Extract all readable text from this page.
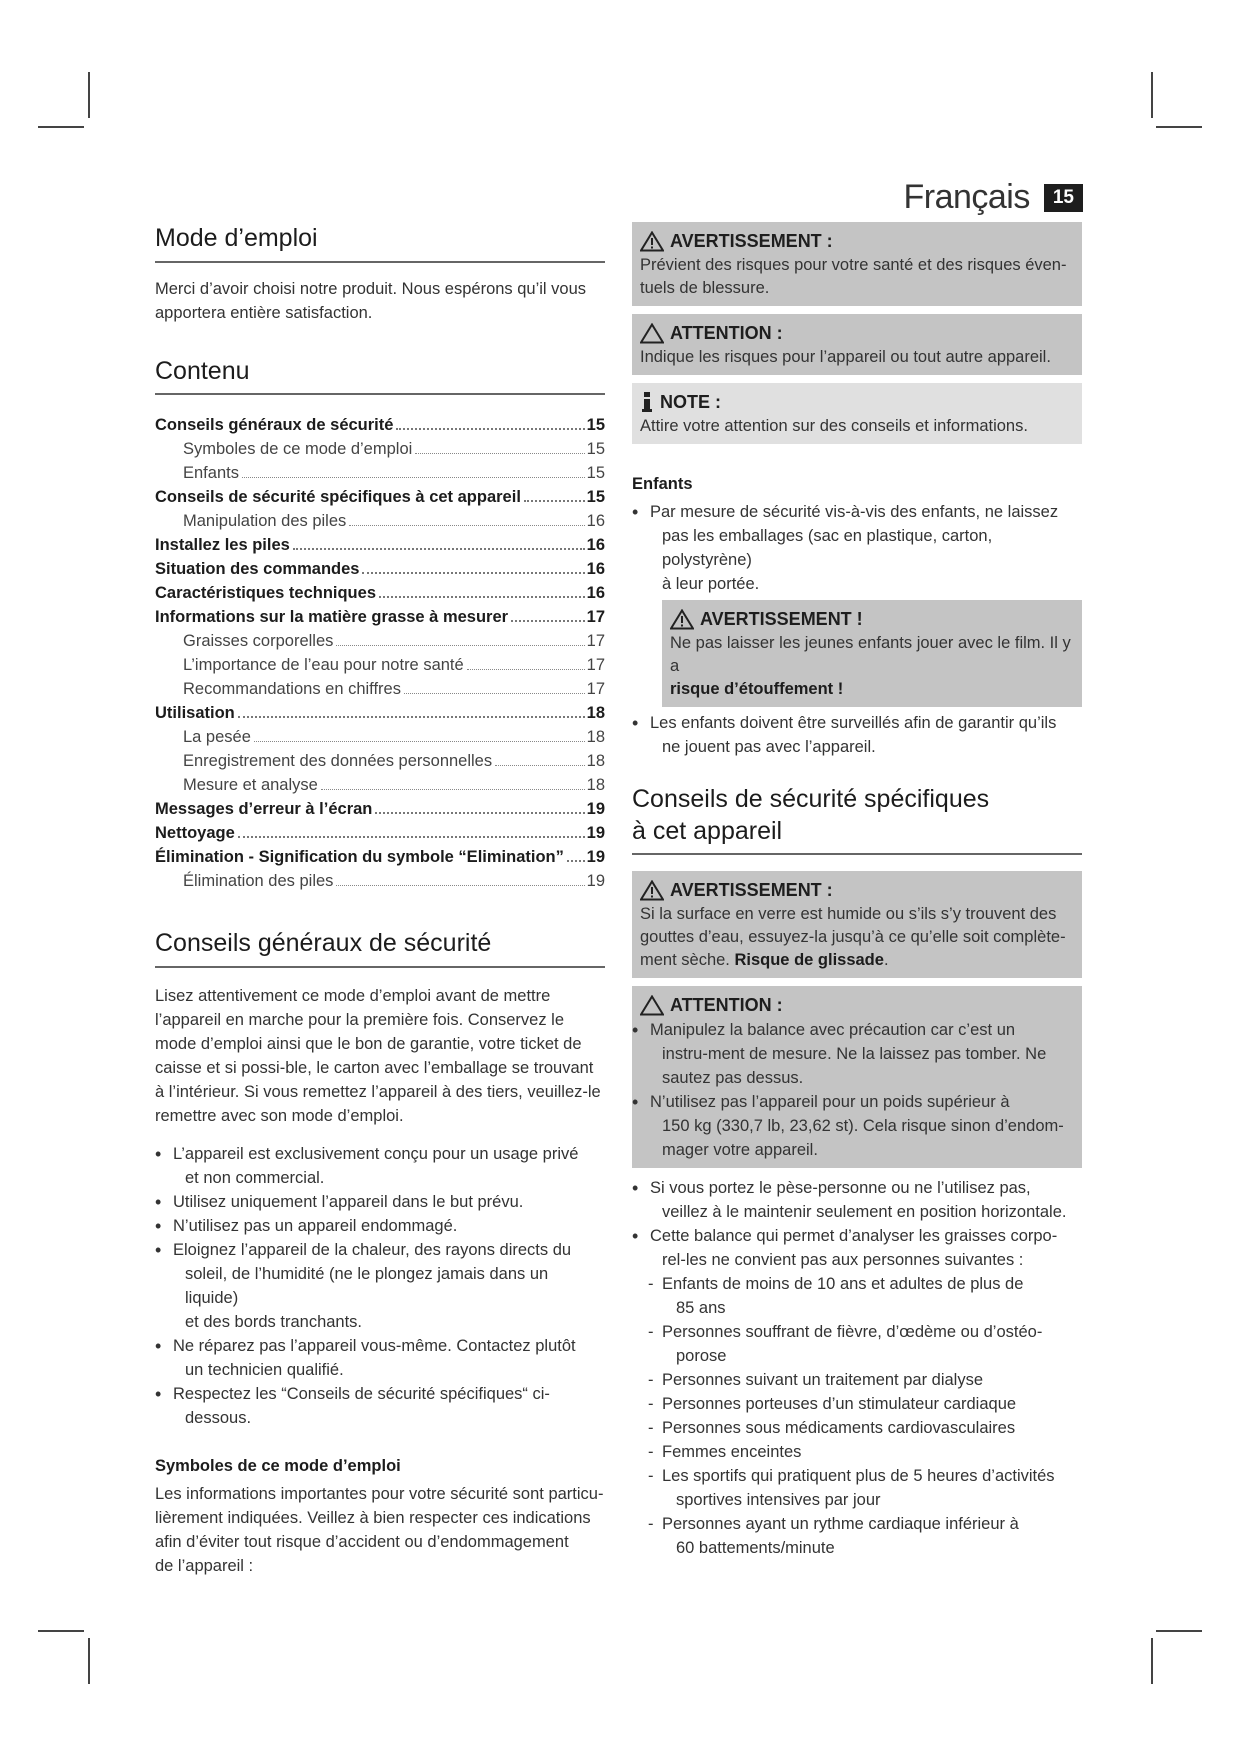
Français	15
Mode d’emploi

Merci d’avoir choisi notre produit. Nous espérons qu’il vous
apportera entière satisfaction.

Contenu
Conseils généraux de sécurité	15
Symboles de ce mode d’emploi	15
Enfants	15
Conseils de sécurité spécifiques à cet appareil	15
Manipulation des piles	16
Installez les piles	16
Situation des commandes	16
Caractéristiques techniques	16
Informations sur la matière grasse à mesurer	17
Graisses corporelles	17
L’importance de l’eau pour notre santé	17
Recommandations en chiffres	17
Utilisation	18
La pesée	18
Enregistrement des données personnelles	18
Mesure et analyse	18
Messages d’erreur à l’écran	19
Nettoyage	19
Élimination - Signification du symbole “Elimination” 19
Élimination des piles	19
Conseils généraux de sécurité

Lisez attentivement ce mode d’emploi avant de mettre
l’appareil en marche pour la première fois. Conservez le
mode d’emploi ainsi que le bon de garantie, votre ticket de
caisse et si possi-ble, le carton avec l’emballage se trouvant
à l’intérieur. Si vous remettez l’appareil à des tiers, veuillez-le
remettre avec son mode d’emploi.

• L’appareil est exclusivement conçu pour un usage privé
et non commercial.
• Utilisez uniquement l’appareil dans le but prévu.
• N’utilisez pas un appareil endommagé.
• Eloignez l’appareil de la chaleur, des rayons directs du
soleil, de l’humidité (ne le plongez jamais dans un liquide)
et des bords tranchants.
• Ne réparez pas l’appareil vous-même. Contactez plutôt
un technicien qualifié.
• Respectez les “Conseils de sécurité spécifiques“ ci-
dessous.
Symboles de ce mode d’emploi

Les informations importantes pour votre sécurité sont particu-
lièrement indiquées. Veillez à bien respecter ces indications
afin d’éviter tout risque d’accident ou d’endommagement
de l’appareil :

AVERTISSEMENT :

Prévient des risques pour votre santé et des risques éven-
tuels de blessure.

ATTENTION :

Indique les risques pour l’appareil ou tout autre appareil.

NOTE :

Attire votre attention sur des conseils et informations.

Enfants
• Par mesure de sécurité vis-à-vis des enfants, ne laissez
pas les emballages (sac en plastique, carton, polystyrène)
à leur portée.
AVERTISSEMENT !

Ne pas laisser les jeunes enfants jouer avec le film. Il y a
risque d’étouffement !

• Les enfants doivent être surveillés afin de garantir qu’ils
ne jouent pas avec l’appareil.
Conseils de sécurité spécifiques
à cet appareil
AVERTISSEMENT :

Si la surface en verre est humide ou s’ils s’y trouvent des
gouttes d’eau, essuyez-la jusqu’à ce qu’elle soit complète-
ment sèche. Risque de glissade.

ATTENTION :
• Manipulez la balance avec précaution car c’est un
instru-ment de mesure. Ne la laissez pas tomber. Ne
sautez pas dessus.
• N’utilisez pas l’appareil pour un poids supérieur à
150 kg (330,7 lb, 23,62 st). Cela risque sinon d’endom-
mager votre appareil.
• Si vous portez le pèse-personne ou ne l’utilisez pas,
veillez à le maintenir seulement en position horizontale.
• Cette balance qui permet d’analyser les graisses corpo-
rel-les ne convient pas aux personnes suivantes :
- Enfants de moins de 10 ans et adultes de plus de
85 ans
- Personnes souffrant de fièvre, d’œdème ou d’ostéo-
porose
- Personnes suivant un traitement par dialyse
- Personnes porteuses d’un stimulateur cardiaque
- Personnes sous médicaments cardiovasculaires
- Femmes enceintes
- Les sportifs qui pratiquent plus de 5 heures d’activités
sportives intensives par jour
- Personnes ayant un rythme cardiaque inférieur à
60 battements/minute
